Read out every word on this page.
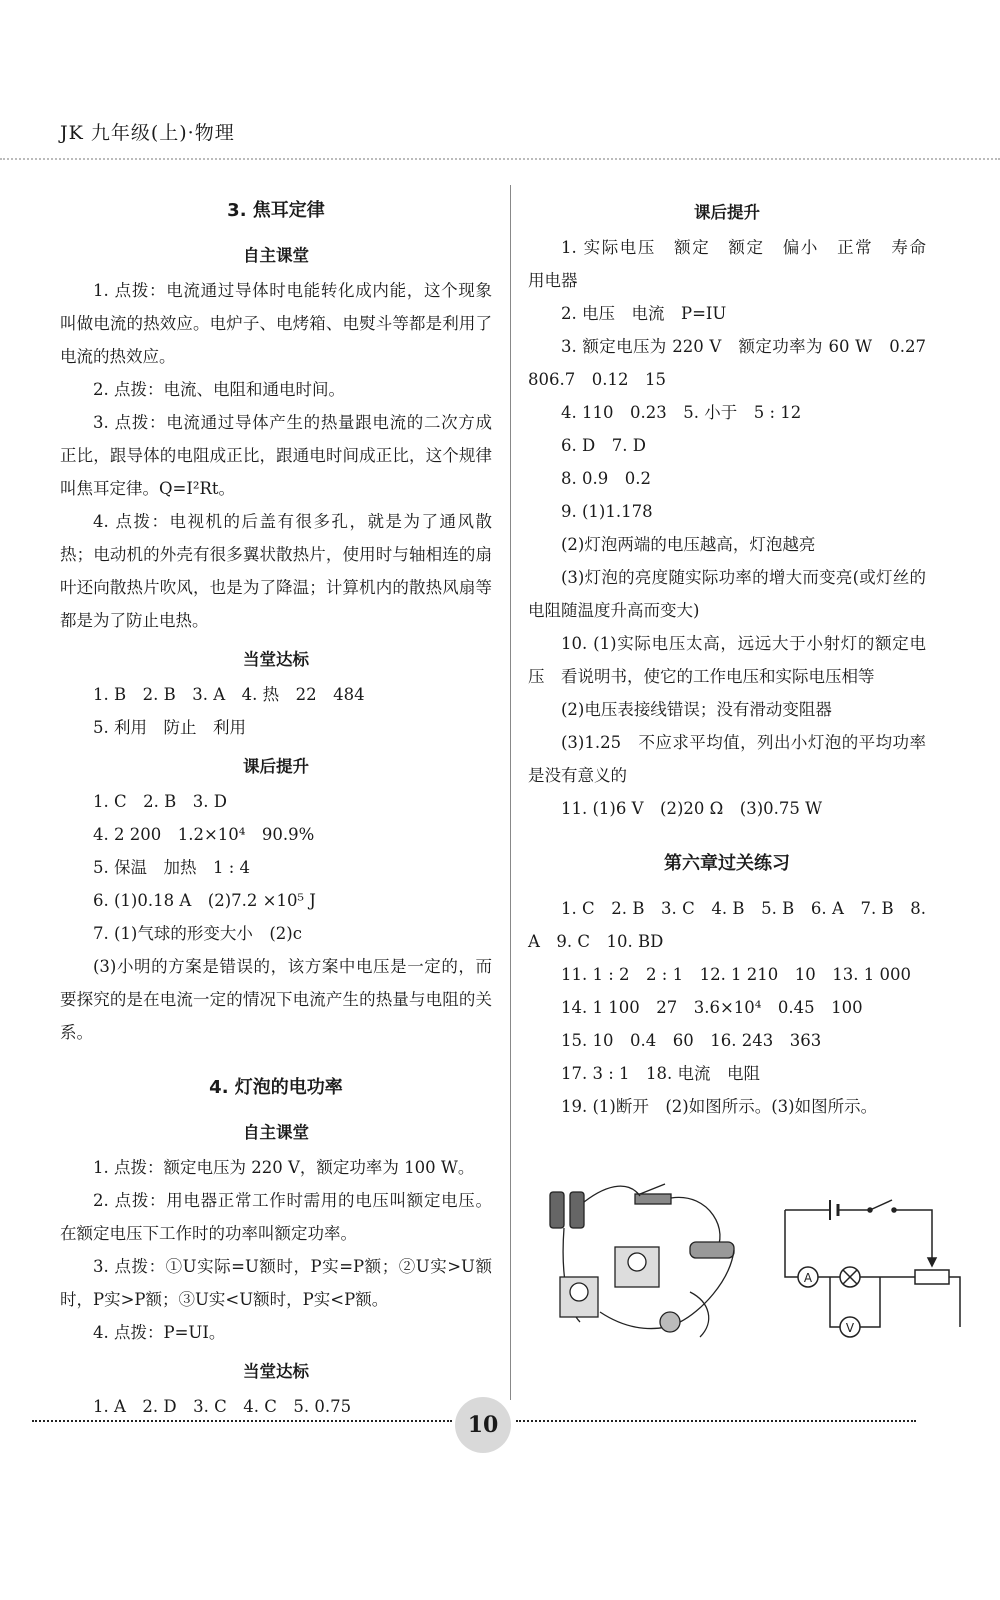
JK 九年级(上)·物理
3. 焦耳定律
自主课堂

1. 点拨：电流通过导体时电能转化成内能，这个现象叫做电流的热效应。电炉子、电烤箱、电熨斗等都是利用了电流的热效应。

2. 点拨：电流、电阻和通电时间。

3. 点拨：电流通过导体产生的热量跟电流的二次方成正比，跟导体的电阻成正比，跟通电时间成正比，这个规律叫焦耳定律。Q=I²Rt。

4. 点拨：电视机的后盖有很多孔，就是为了通风散热；电动机的外壳有很多翼状散热片，使用时与轴相连的扇叶还向散热片吹风，也是为了降温；计算机内的散热风扇等都是为了防止电热。

当堂达标

1. B　2. B　3. A　4. 热　22　484

5. 利用　防止　利用

课后提升

1. C　2. B　3. D

4. 2 200　1.2×10⁴　90.9%

5. 保温　加热　1 : 4

6. (1)0.18 A　(2)7.2 ×10⁵ J

7. (1)气球的形变大小　(2)c

(3)小明的方案是错误的，该方案中电压是一定的，而要探究的是在电流一定的情况下电流产生的热量与电阻的关系。

4. 灯泡的电功率
自主课堂

1. 点拨：额定电压为 220 V，额定功率为 100 W。

2. 点拨：用电器正常工作时需用的电压叫额定电压。在额定电压下工作时的功率叫额定功率。

3. 点拨：①U实际=U额时，P实=P额；②U实>U额时，P实>P额；③U实<U额时，P实<P额。

4. 点拨：P=UI。

当堂达标

1. A　2. D　3. C　4. C　5. 0.75

课后提升

1. 实际电压　额定　额定　偏小　正常　寿命　用电器

2. 电压　电流　P=IU

3. 额定电压为 220 V　额定功率为 60 W　0.27　806.7　0.12　15

4. 110　0.23　5. 小于　5 : 12

6. D　7. D

8. 0.9　0.2

9. (1)1.178

(2)灯泡两端的电压越高，灯泡越亮

(3)灯泡的亮度随实际功率的增大而变亮(或灯丝的电阻随温度升高而变大)

10. (1)实际电压太高，远远大于小射灯的额定电压　看说明书，使它的工作电压和实际电压相等

(2)电压表接线错误；没有滑动变阻器

(3)1.25　不应求平均值，列出小灯泡的平均功率是没有意义的

11. (1)6 V　(2)20 Ω　(3)0.75 W

第六章过关练习

1. C　2. B　3. C　4. B　5. B　6. A　7. B　8. A　9. C　10. BD

11. 1 : 2　2 : 1　12. 1 210　10　13. 1 000

14. 1 100　27　3.6×10⁴　0.45　100

15. 10　0.4　60　16. 243　363

17. 3 : 1　18. 电流　电阻

19. (1)断开　(2)如图所示。(3)如图所示。

A
V
10
